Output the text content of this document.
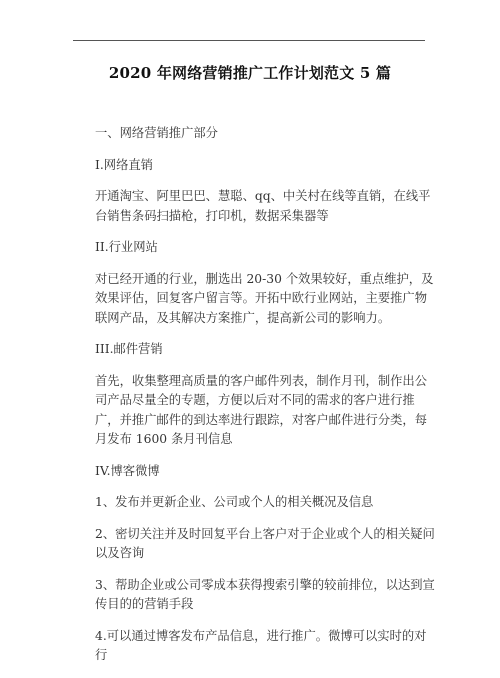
2020 年网络营销推广工作计划范文 5 篇

一、网络营销推广部分

I.网络直销

开通淘宝、阿里巴巴、慧聪、qq、中关村在线等直销，在线平台销售条码扫描枪，打印机，数据采集器等

II.行业网站

对已经开通的行业，删选出 20-30 个效果较好，重点维护，及效果评估，回复客户留言等。开拓中欧行业网站，主要推广物联网产品，及其解决方案推广，提高新公司的影响力。

III.邮件营销

首先，收集整理高质量的客户邮件列表，制作月刊，制作出公司产品尽量全的专题，方便以后对不同的需求的客户进行推广，并推广邮件的到达率进行跟踪，对客户邮件进行分类，每月发布 1600 条月刊信息

IV.博客微博

1、发布并更新企业、公司或个人的相关概况及信息

2、密切关注并及时回复平台上客户对于企业或个人的相关疑问以及咨询

3、帮助企业或公司零成本获得搜索引擎的较前排位，以达到宣传目的的营销手段

4.可以通过博客发布产品信息，进行推广。微博可以实时的对行
